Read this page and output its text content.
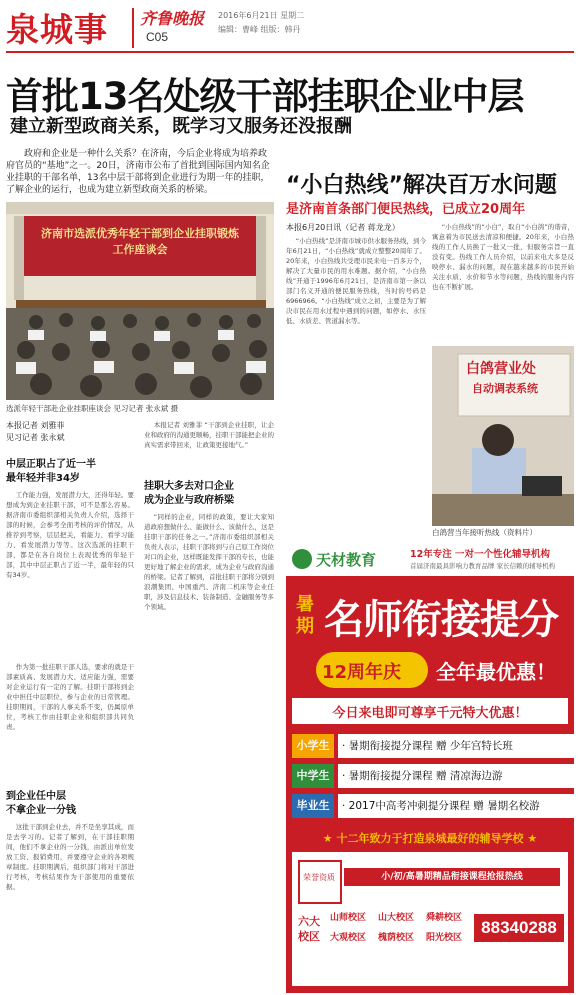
泉城事 齐鲁晚报
C05
2016年6月21日 星期二
编辑：曹峰 组版：韩丹
首批13名处级干部挂职企业中层
建立新型政商关系，既学习又服务还没报酬
政府和企业是一种什么关系？在济南，今后企业将成为培养政府官员的“基地”之一。20日，济南市公布了首批到国际国内知名企业挂职的干部名单，13名中层干部将到企业进行为期一年的挂职，了解企业的运行，也成为建立新型政商关系的桥梁。
济南市选派优秀年轻干部到企业挂职锻炼工作座谈会
选派年轻干部赴企业挂职座谈会 见习记者 张永斌 摄
本报记者 刘雅菲
见习记者 张永斌
中层正职占了近一半
最年轻并非34岁
工作能力强，发展潜力大，还得年轻。要想成为到企业挂职干部，可不是那么容易。据济南市委组织部相关负责人介绍，选择干部的时候，会参考全面考核的评价情况，从推荐到考察，层层把关，看能力、看学习能力、看发展潜力等等。这次选派的挂职干部，都是在各自岗位上表现优秀的年轻干部，其中中层正职占了近一半，最年轻的只有34岁。
作为第一批挂职干部人选，要求的就是干部素质高、发展潜力大、适应能力强，需要对企业运行有一定的了解。挂职干部将到企业中担任中层职位，参与企业的日常管理。挂职期间，干部的人事关系不变，仍属原单位，考核工作由挂职企业和组织部共同负责。
到企业任中层
不拿企业一分钱
这批干部到企业去，并不是坐享其成，而是去学习的。记者了解到，在干部挂职期间，他们不拿企业的一分钱，由派出单位发放工资、报销费用，并要遵守企业的各项规章制度。挂职期满后，组织部门将对干部进行考核，考核结果作为干部使用的重要依据。
本报记者 刘雅菲 “干部到企业挂职，让企业和政府的沟通更顺畅，挂职干部能把企业的真实需求带回来，让政策更接地气。”
挂职大多去对口企业
成为企业与政府桥梁
“同样的企业，同样的政策，要让大家知道政府想做什么、能做什么、该做什么，这是挂职干部的任务之一。”济南市委组织部相关负责人表示，挂职干部将到与自己原工作岗位对口的企业，这样既能发挥干部的专长，也能更好地了解企业的需求，成为企业与政府沟通的桥梁。记者了解到，首批挂职干部将分别到浪潮集团、中国重汽、济南二机床等企业任职，涉及信息技术、装备制造、金融服务等多个领域。
“小白热线”解决百万水问题
是济南首条部门便民热线，已成立20周年
本报6月20日讯（记者 蒋龙龙）
“小白热线”是济南市城市供水服务热线，到今年6月21日，“小白热线”就成立整整20周年了。20年来，小白热线共受理市民来电一百多万个，解决了大量市民的用水难题。据介绍，“小白热线”开通于1996年6月21日，是济南市第一条以部门名义开通的便民服务热线，当时的号码是6966966。“小白热线”成立之初，主要是为了解决市民在用水过程中遇到的问题，如停水、水压低、水质差、管道漏水等。
“小白热线”的“小白”，取自“小白鸽”的谐音，寓意着为市民送去清凉和便捷。20年来，小白热线的工作人员换了一批又一批，但服务宗旨一直没有变。热线工作人员介绍，以前来电大多是反映停水、漏水的问题，现在越来越多的市民开始关注水质、水价和节水等问题，热线的服务内容也在不断扩展。
白鸽营业处
自动调表系统
白鸽营当年接听热线（资料片）
天材教育	12年专注 一对一个性化辅导机构
首届济南最具影响力教育品牌 家长信赖的辅导机构
暑期 名师衔接提分
12周年庆 全年最优惠！
今日来电即可尊享千元特大优惠！
小学生	· 暑期衔接提分课程 赠 少年宫特长班
中学生	· 暑期衔接提分课程 赠 清凉海边游
毕业生	· 2017中高考冲刺提分课程 赠 暑期名校游
★ 十二年致力于打造泉城最好的辅导学校 ★
荣誉资质	小/初/高暑期精品衔接课程抢报热线
六大校区
山师校区 山大校区 舜耕校区
大观校区 槐荫校区 阳光校区
88340288
